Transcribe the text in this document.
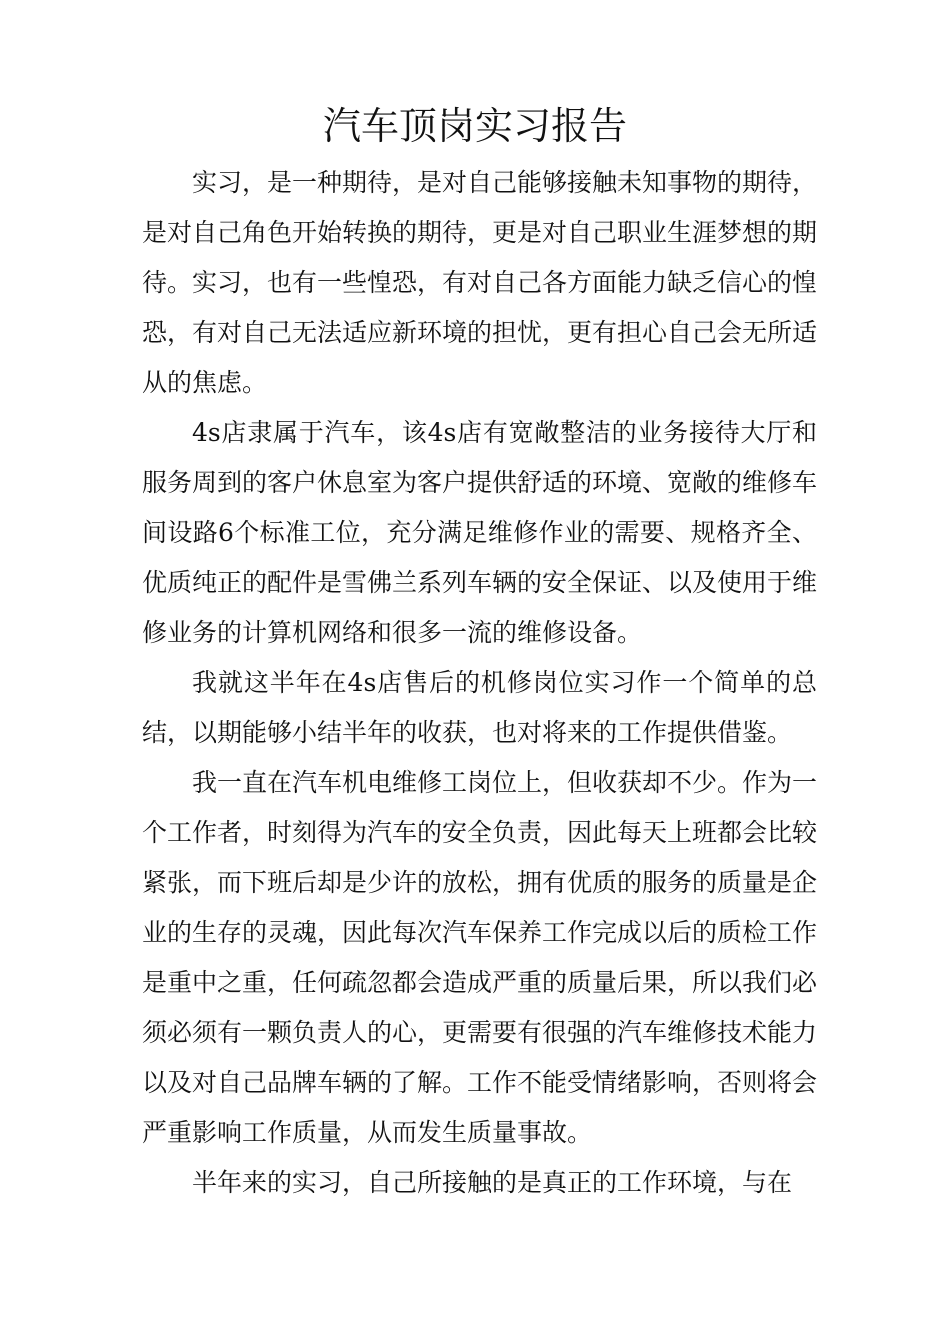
汽车顶岗实习报告

实习，是一种期待，是对自己能够接触未知事物的期待，是对自己角色开始转换的期待，更是对自己职业生涯梦想的期待。实习，也有一些惶恐，有对自己各方面能力缺乏信心的惶恐，有对自己无法适应新环境的担忧，更有担心自己会无所适从的焦虑。

4s店隶属于汽车，该4s店有宽敞整洁的业务接待大厅和服务周到的客户休息室为客户提供舒适的环境、宽敞的维修车间设路6个标准工位，充分满足维修作业的需要、规格齐全、优质纯正的配件是雪佛兰系列车辆的安全保证、以及使用于维修业务的计算机网络和很多一流的维修设备。

我就这半年在4s店售后的机修岗位实习作一个简单的总结，以期能够小结半年的收获，也对将来的工作提供借鉴。

我一直在汽车机电维修工岗位上，但收获却不少。作为一个工作者，时刻得为汽车的安全负责，因此每天上班都会比较紧张，而下班后却是少许的放松，拥有优质的服务的质量是企业的生存的灵魂，因此每次汽车保养工作完成以后的质检工作是重中之重，任何疏忽都会造成严重的质量后果，所以我们必须必须有一颗负责人的心，更需要有很强的汽车维修技术能力以及对自己品牌车辆的了解。工作不能受情绪影响，否则将会严重影响工作质量，从而发生质量事故。

半年来的实习，自己所接触的是真正的工作环境，与在
